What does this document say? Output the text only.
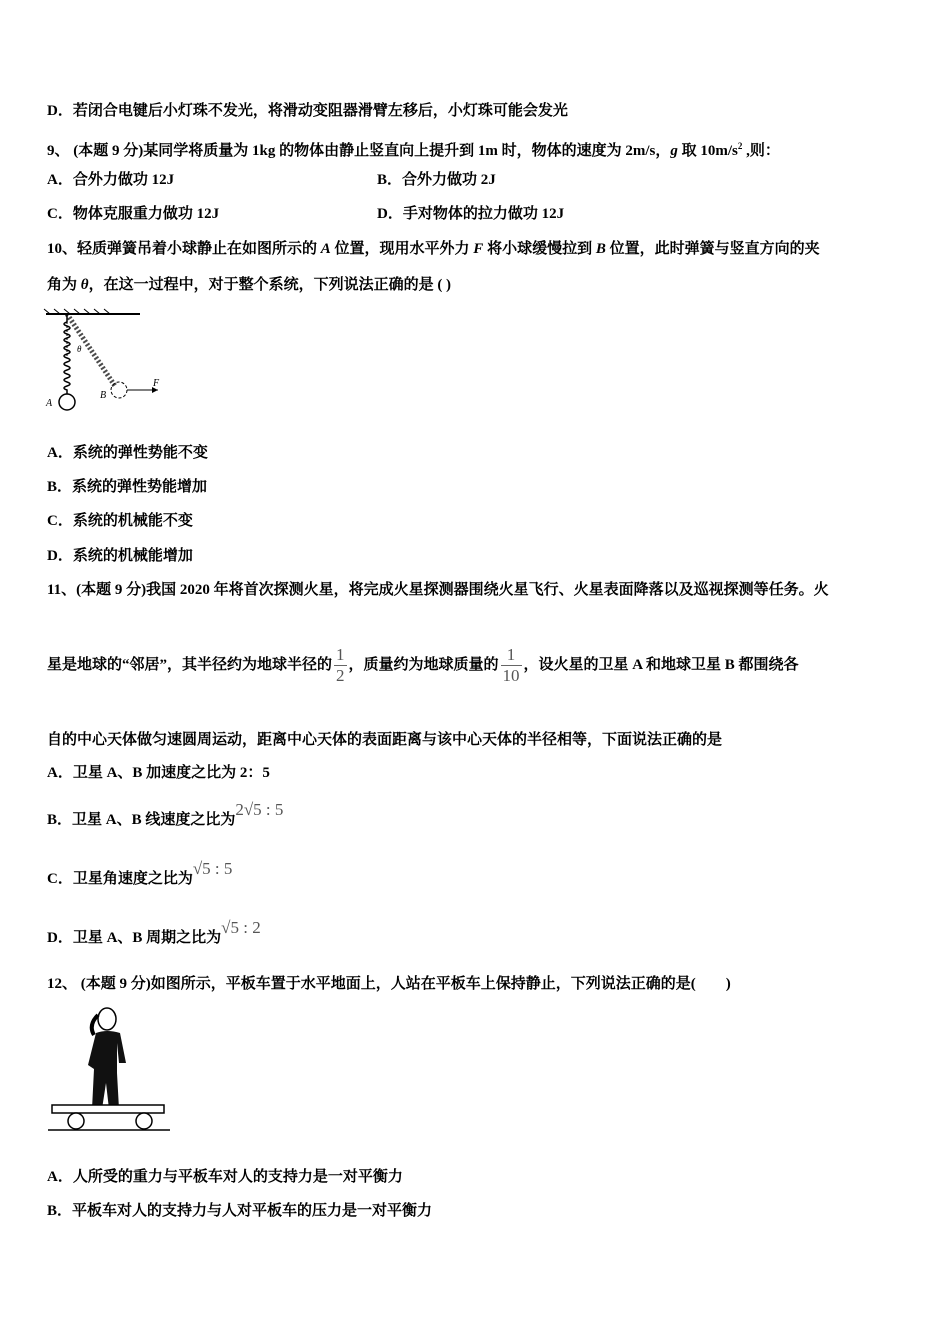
D．若闭合电键后小灯珠不发光，将滑动变阻器滑臂左移后，小灯珠可能会发光
9、 (本题 9 分)某同学将质量为 1kg 的物体由静止竖直向上提升到 1m 时，物体的速度为 2m/s，g 取 $10m/s^2$ ,则：
A．合外力做功 12J	B．合外力做功 2J
C．物体克服重力做功 12J	D．手对物体的拉力做功 12J
10、轻质弹簧吊着小球静止在如图所示的 A 位置，现用水平外力 F 将小球缓慢拉到 B 位置，此时弹簧与竖直方向的夹
角为 θ，在这一过程中，对于整个系统，下列说法正确的是 ( )
θ
A
B
F
A．系统的弹性势能不变
B．系统的弹性势能增加
C．系统的机械能不变
D．系统的机械能增加
11、(本题 9 分)我国 2020 年将首次探测火星，将完成火星探测器围绕火星飞行、火星表面降落以及巡视探测等任务。火
星是地球的“邻居”，其半径约为地球半径的 $\frac{1}{2}$ ，质量约为地球质量的 $\frac{1}{10}$ ，设火星的卫星 A 和地球卫星 B 都围绕各
自的中心天体做匀速圆周运动，距离中心天体的表面距离与该中心天体的半径相等，下面说法正确的是
A．卫星 A、B 加速度之比为 2：5
B．卫星 A、B 线速度之比为2√5 : 5
C．卫星角速度之比为√5 : 5
D．卫星 A、B 周期之比为√5 : 2
12、 (本题 9 分)如图所示，平板车置于水平地面上，人站在平板车上保持静止，下列说法正确的是(　　)
A．人所受的重力与平板车对人的支持力是一对平衡力
B．平板车对人的支持力与人对平板车的压力是一对平衡力
